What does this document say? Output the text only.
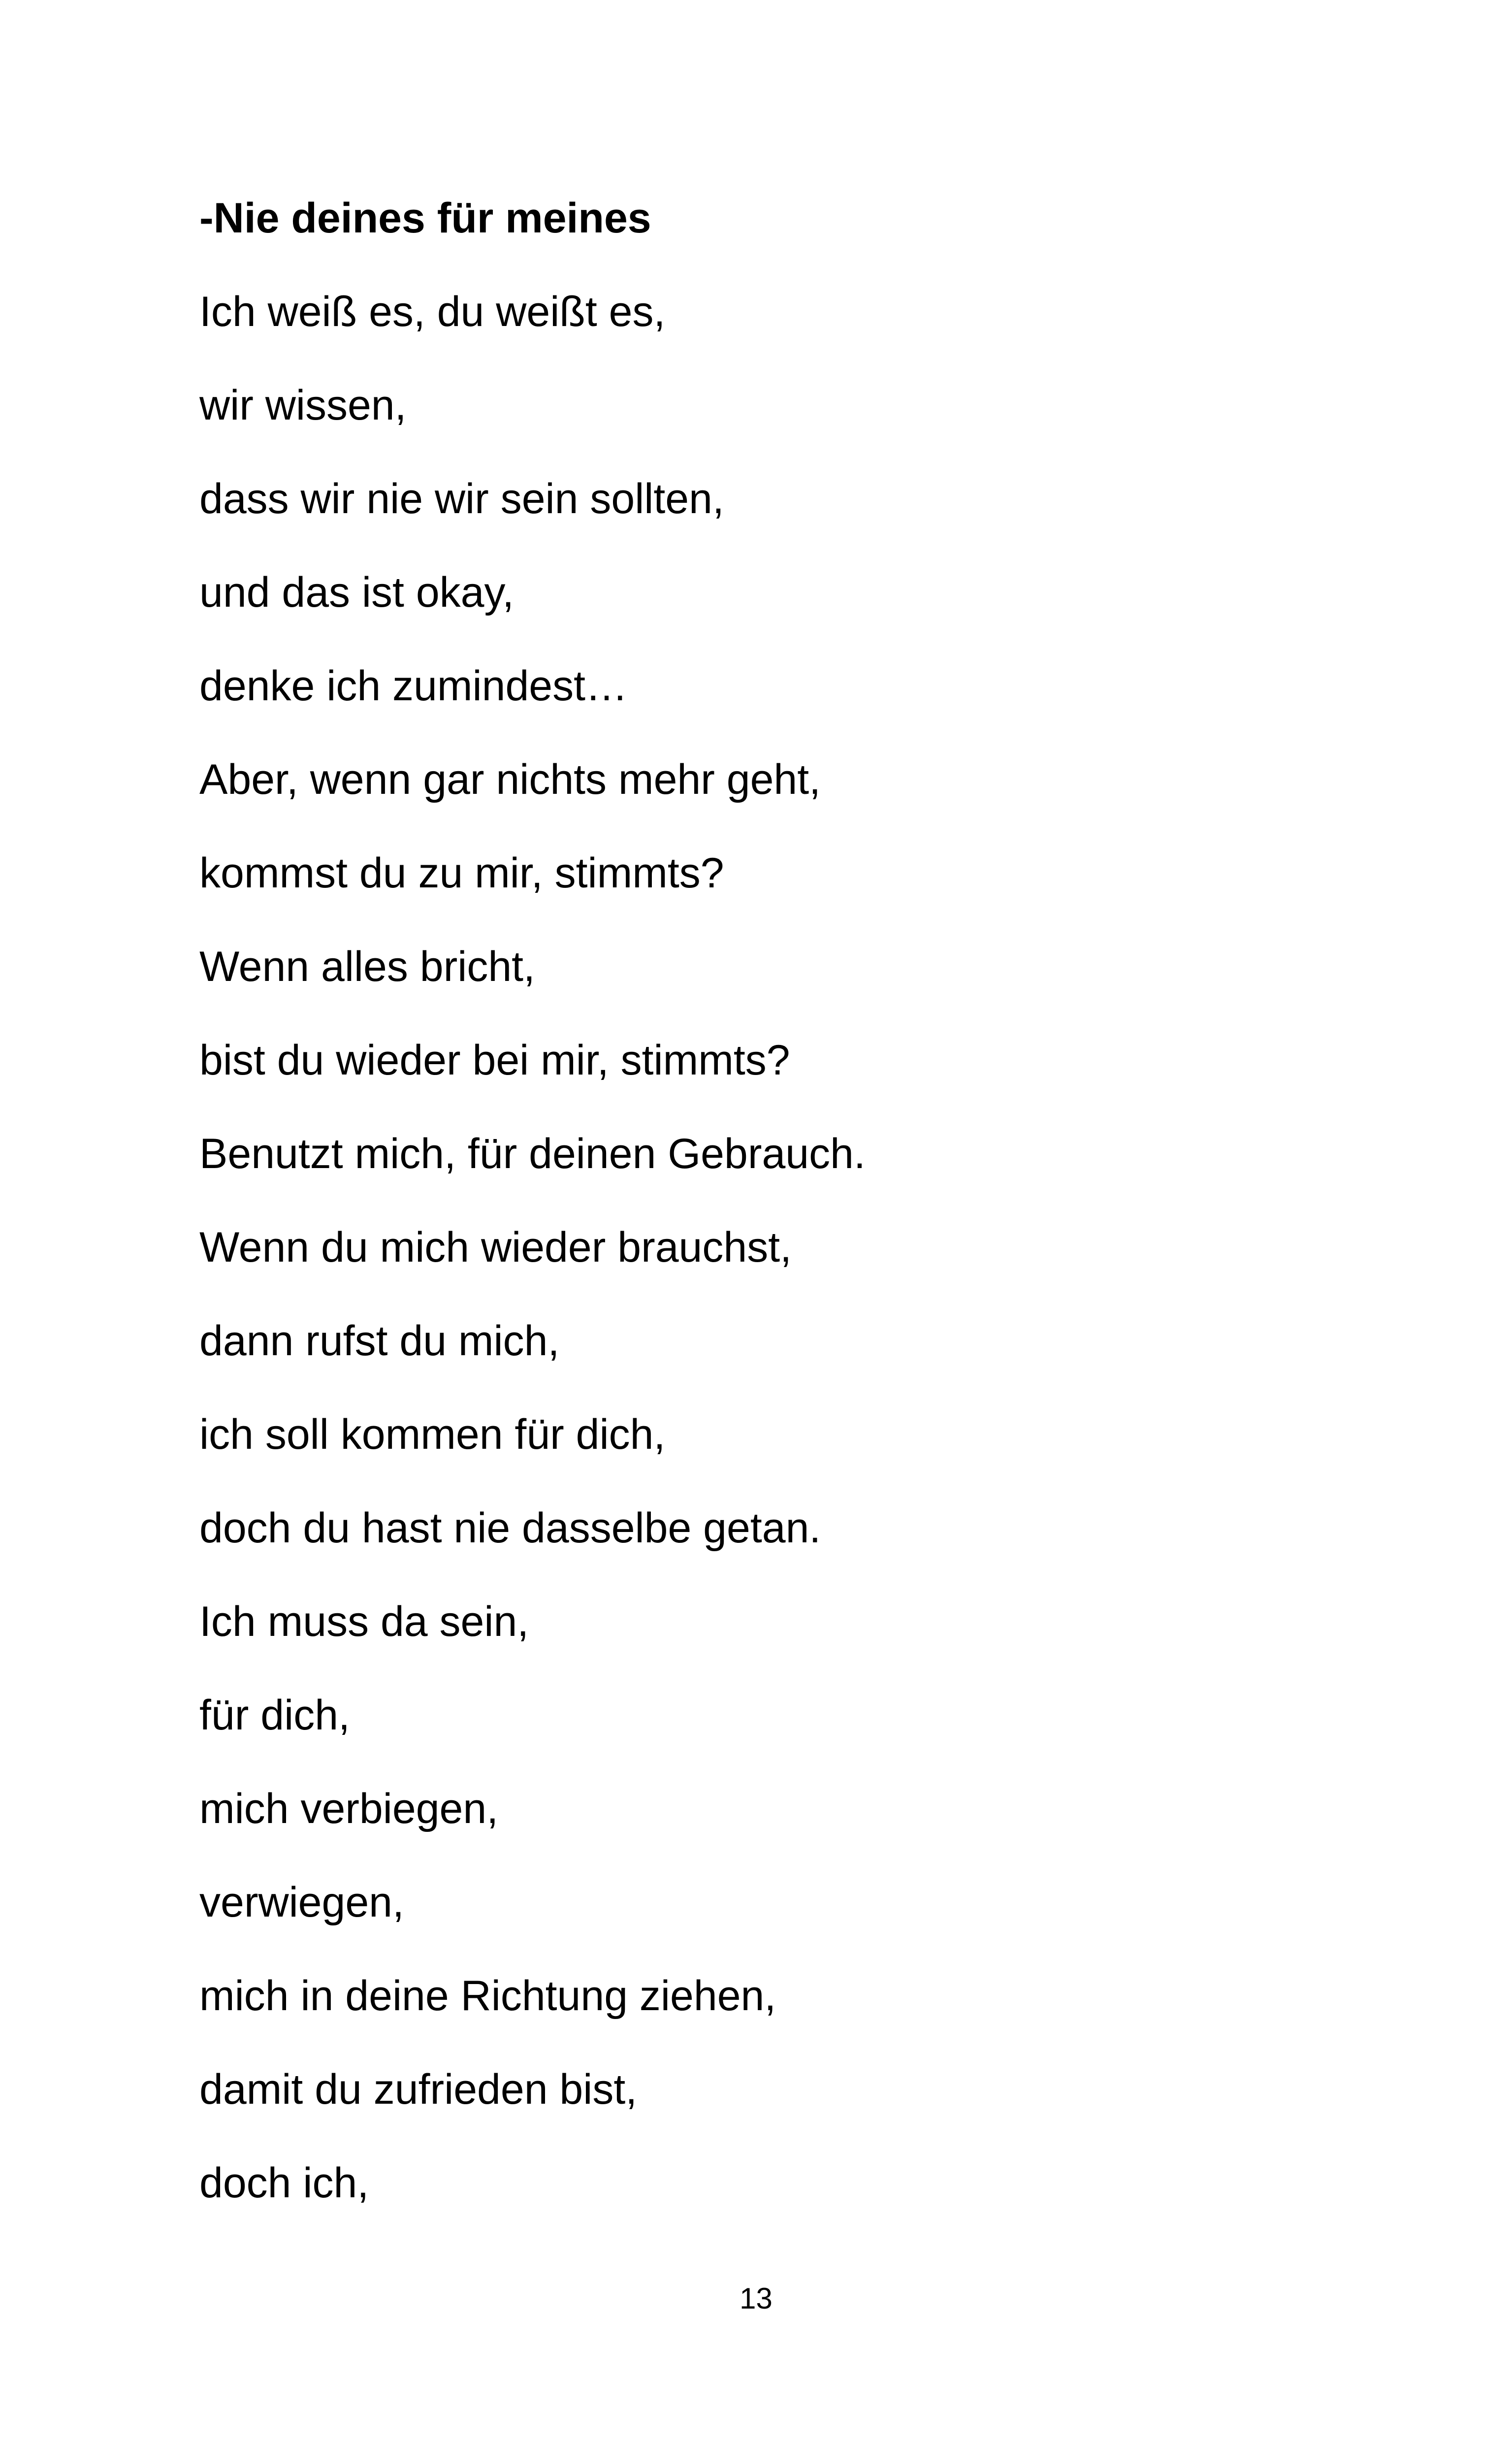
-Nie deines für meines
Ich weiß es, du weißt es,
wir wissen,
dass wir nie wir sein sollten,
und das ist okay,
denke ich zumindest…
Aber, wenn gar nichts mehr geht,
kommst du zu mir, stimmts?
Wenn alles bricht,
bist du wieder bei mir, stimmts?
Benutzt mich, für deinen Gebrauch.
Wenn du mich wieder brauchst,
dann rufst du mich,
ich soll kommen für dich,
doch du hast nie dasselbe getan.
Ich muss da sein,
für dich,
mich verbiegen,
verwiegen,
mich in deine Richtung ziehen,
damit du zufrieden bist,
doch ich,
13
